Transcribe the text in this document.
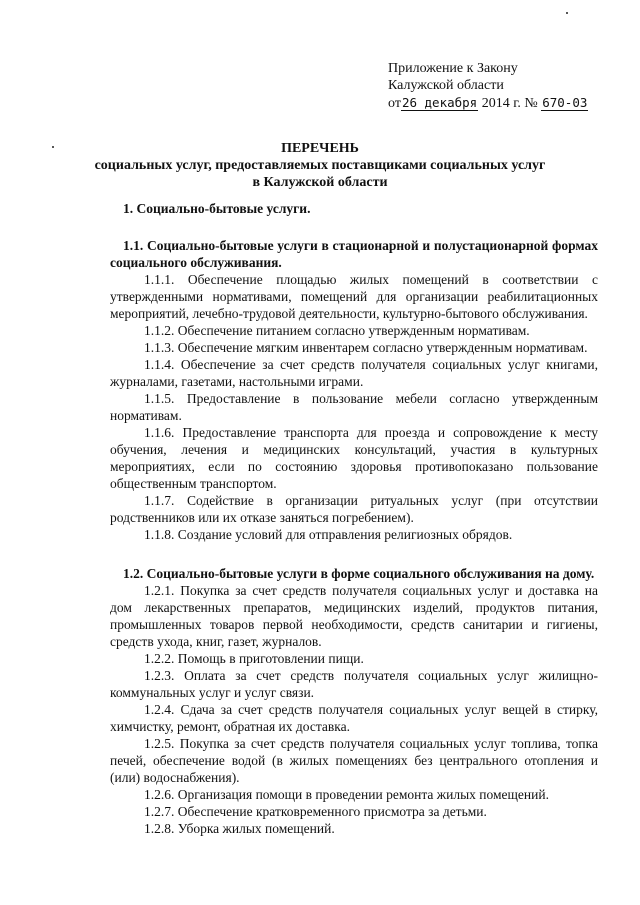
Приложение к Закону
Калужской области
от26 декабря 2014 г. № 670-03
ПЕРЕЧЕНЬ
социальных услуг, предоставляемых поставщиками социальных услуг
в Калужской области

1. Социально-бытовые услуги.

1.1. Социально-бытовые услуги в стационарной и полустационарной формах социального обслуживания.

1.1.1. Обеспечение площадью жилых помещений в соответствии с утвержденными нормативами, помещений для организации реабилитационных мероприятий, лечебно-трудовой деятельности, культурно-бытового обслуживания.

1.1.2. Обеспечение питанием согласно утвержденным нормативам.

1.1.3. Обеспечение мягким инвентарем согласно утвержденным нормативам.

1.1.4. Обеспечение за счет средств получателя социальных услуг книгами, журналами, газетами, настольными играми.

1.1.5. Предоставление в пользование мебели согласно утвержденным нормативам.

1.1.6. Предоставление транспорта для проезда и сопровождение к месту обучения, лечения и медицинских консультаций, участия в культурных мероприятиях, если по состоянию здоровья противопоказано пользование общественным транспортом.

1.1.7. Содействие в организации ритуальных услуг (при отсутствии родственников или их отказе заняться погребением).

1.1.8. Создание условий для отправления религиозных обрядов.

1.2. Социально-бытовые услуги в форме социального обслуживания на дому.

1.2.1. Покупка за счет средств получателя социальных услуг и доставка на дом лекарственных препаратов, медицинских изделий, продуктов питания, промышленных товаров первой необходимости, средств санитарии и гигиены, средств ухода, книг, газет, журналов.

1.2.2. Помощь в приготовлении пищи.

1.2.3. Оплата за счет средств получателя социальных услуг жилищно-коммунальных услуг и услуг связи.

1.2.4. Сдача за счет средств получателя социальных услуг вещей в стирку, химчистку, ремонт, обратная их доставка.

1.2.5. Покупка за счет средств получателя социальных услуг топлива, топка печей, обеспечение водой (в жилых помещениях без центрального отопления и (или) водоснабжения).

1.2.6. Организация помощи в проведении ремонта жилых помещений.

1.2.7. Обеспечение кратковременного присмотра за детьми.

1.2.8. Уборка жилых помещений.
